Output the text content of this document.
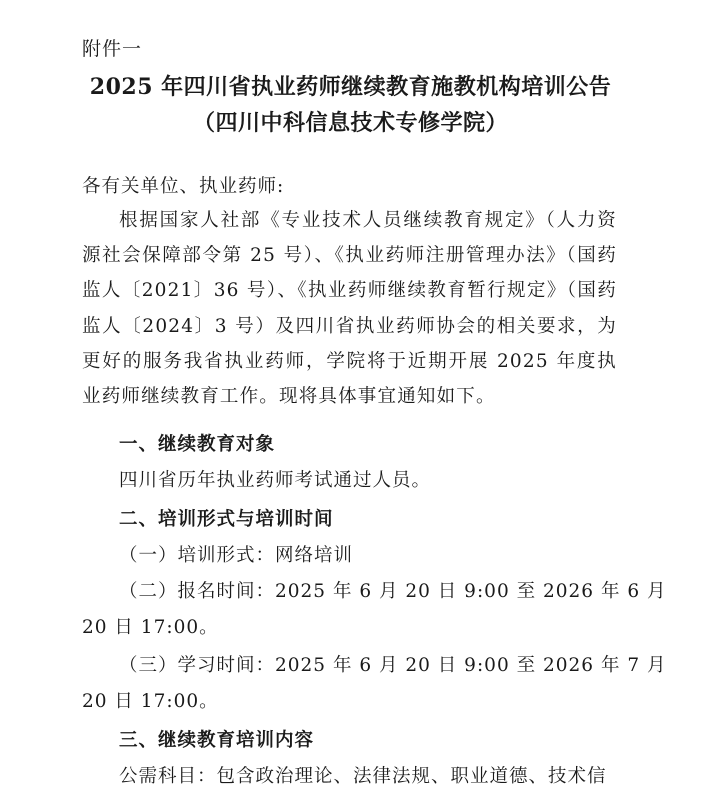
附件一
2025 年四川省执业药师继续教育施教机构培训公告
（四川中科信息技术专修学院）
各有关单位、执业药师:
根据国家人社部《专业技术人员继续教育规定》（人力资源社会保障部令第 25 号）、《执业药师注册管理办法》（国药监人〔2021〕36 号）、《执业药师继续教育暂行规定》（国药监人〔2024〕3 号）及四川省执业药师协会的相关要求，为更好的服务我省执业药师，学院将于近期开展 2025 年度执业药师继续教育工作。现将具体事宜通知如下。
一、继续教育对象
四川省历年执业药师考试通过人员。
二、培训形式与培训时间
（一）培训形式：网络培训
（二）报名时间：2025 年 6 月 20 日 9:00 至 2026 年 6 月
20 日 17:00。
（三）学习时间：2025 年 6 月 20 日 9:00 至 2026 年 7 月
20 日 17:00。
三、继续教育培训内容
公需科目：包含政治理论、法律法规、职业道德、技术信
